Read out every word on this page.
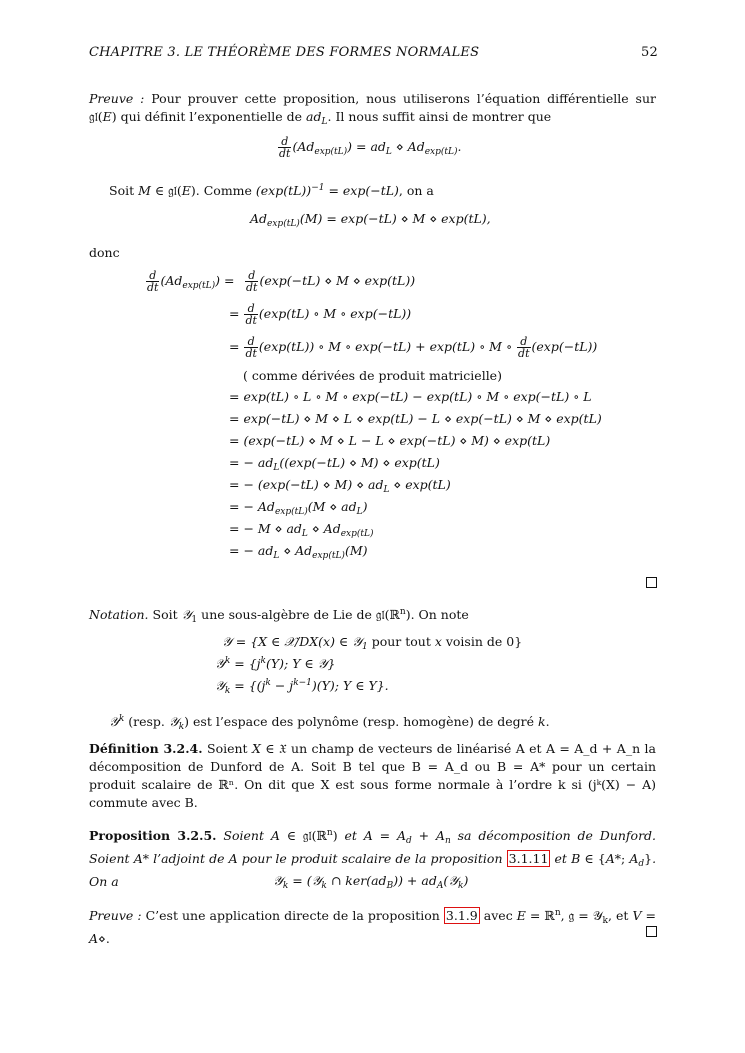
CHAPITRE 3. LE THÉORÈME DES FORMES NORMALES	52
Preuve : Pour prouver cette proposition, nous utiliserons l’équation différentielle sur 𝔤𝔩(E) qui définit l’exponentielle de $ad_L$. Il nous suffit ainsi de montrer que
$\frac{d}{dt} (Ad_{exp(tL)}) = ad_L$ ⋄ $Ad_{exp(tL)}$.
Soit M ∈ 𝔤𝔩(E). Comme $(\exp(tL))^{-1} = \exp(-tL)$, on a
$Ad_{exp(tL)}(M) = \exp(-tL)$ ⋄ M ⋄ exp(tL),
donc
$\frac{d}{dt} (Ad_{exp(tL)}) = \frac{d}{dt} (\exp(-tL)$ ⋄ M ⋄ exp(tL))
= $\frac{d}{dt} (\exp(tL)$ ∘ M ∘ exp(−tL))
= $\frac{d}{dt} (\exp(tL))$ ∘ M ∘ exp(−tL) + exp(tL) ∘ M ∘ $\frac{d}{dt} (\exp(-tL))$
( comme dérivées de produit matricielle)
= exp(tL) ∘ L ∘ M ∘ exp(−tL) − exp(tL) ∘ M ∘ exp(−tL) ∘ L
= exp(−tL) ⋄ M ⋄ L ⋄ exp(tL) − L ⋄ exp(−tL) ⋄ M ⋄ exp(tL)
= (exp(−tL) ⋄ M ⋄ L − L ⋄ exp(−tL) ⋄ M) ⋄ exp(tL)
= − $ad_L((\exp(-tL)$ ⋄ M) ⋄ exp(tL)
= − (exp(−tL) ⋄ M) ⋄ $ad_L$ ⋄ exp(tL)
= − $Ad_{exp(tL)}(M$ ⋄ $ad_L$)
= − M ⋄ $ad_L$ ⋄ $Ad_{exp(tL)}$
= − $ad_L$ ⋄ $Ad_{exp(tL)}(M)$
Notation. Soit 𝒴$_1$ une sous-algèbre de Lie de 𝔤𝔩(ℝ$^n$). On note
𝒴 = {X ∈ 𝒳/DX(x) ∈ 𝒴$_1$ pour tout x voisin de 0}
𝒴$^k$ = {$j^k(Y)$; Y ∈ 𝒴}
𝒴$_k$ = {$(j^k - j^{k-1})(Y)$; Y ∈ Y}.
𝒴$^k$ (resp. 𝒴$_k$) est l’espace des polynôme (resp. homogène) de degré k.
Définition 3.2.4. Soient X ∈ 𝔛 un champ de vecteurs de linéarisé A et A = A_d + A_n la décomposition de Dunford de A. Soit B tel que B = A_d ou B = A* pour un certain produit scalaire de ℝⁿ. On dit que X est sous forme normale à l’ordre k si (jᵏ(X) − A) commute avec B.
Proposition 3.2.5. Soient A ∈ 𝔤𝔩(ℝ$^n$) et $A = A_d + A_n$ sa décomposition de Dunford. Soient A* l’adjoint de A pour le produit scalaire de la proposition 3.1.11 et B ∈ {A*; $A_d$}. On a	𝒴$_k$ = (𝒴$_k$ ∩ $ker(ad_B)$) + $ad_A(𝒴_k)$
Preuve : C’est une application directe de la proposition 3.1.9 avec E = ℝ$^n$, 𝔤 = 𝒴$_k$, et V = A⋄.
